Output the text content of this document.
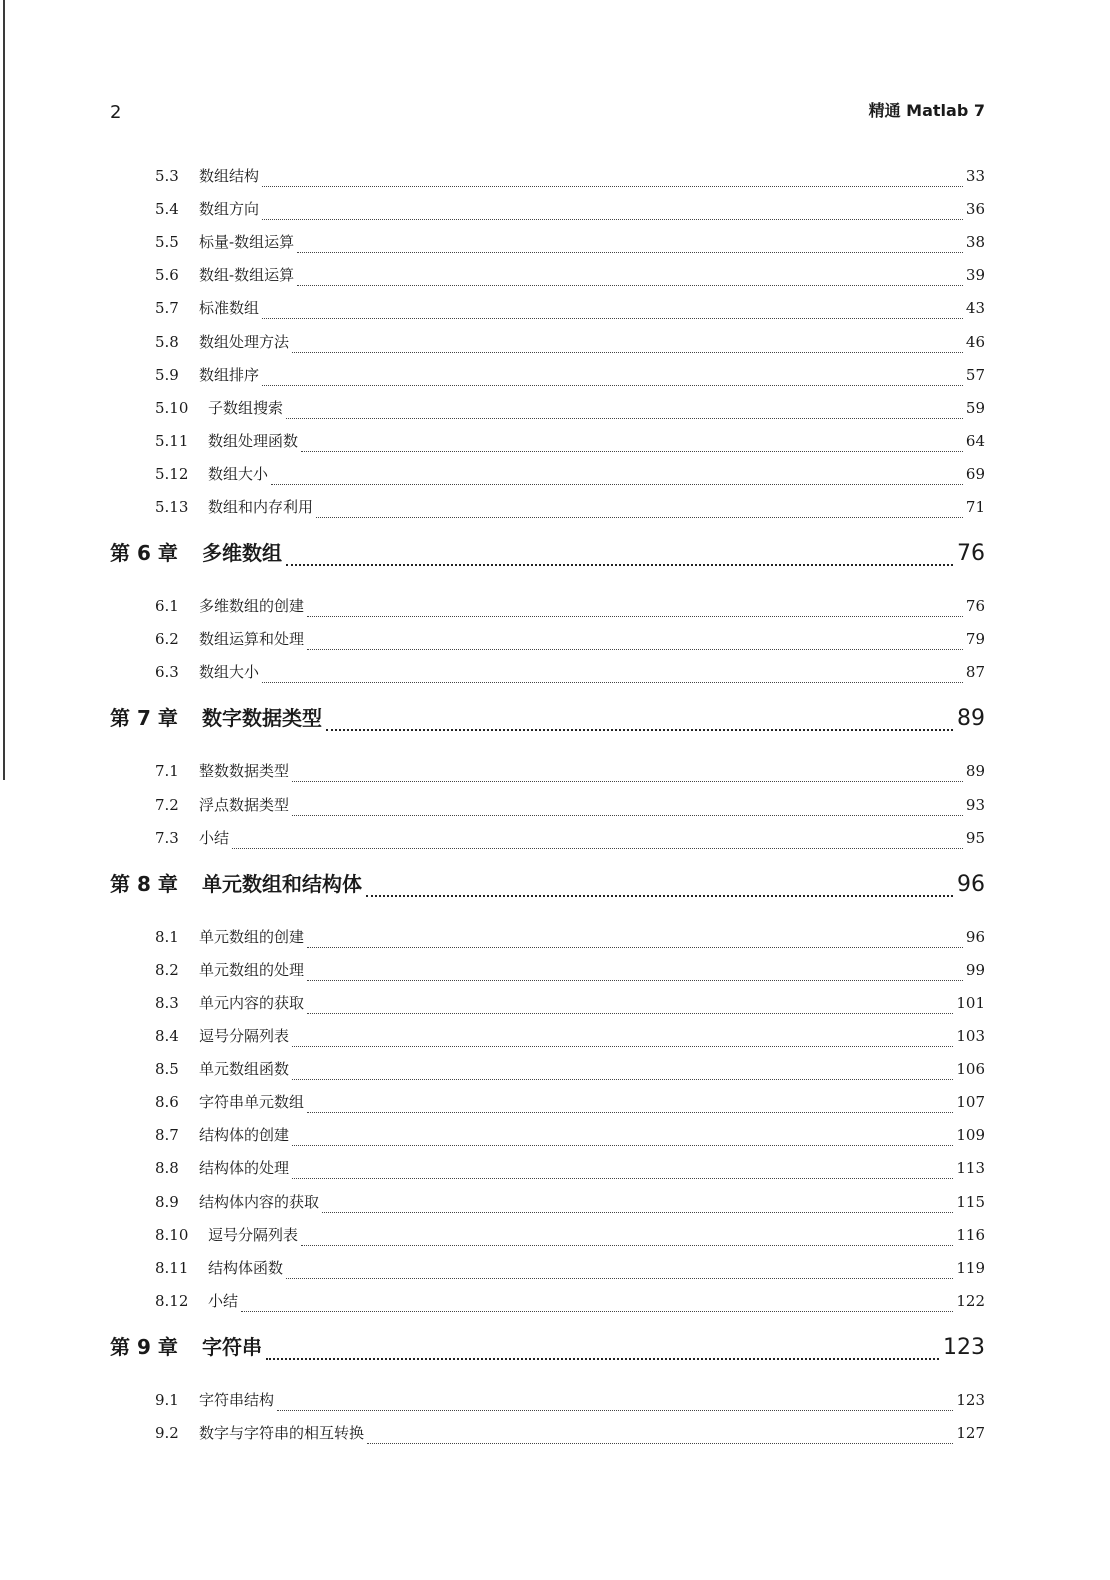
2	精通 Matlab 7
5.3	数组结构	33
5.4	数组方向	36
5.5	标量-数组运算	38
5.6	数组-数组运算	39
5.7	标准数组	43
5.8	数组处理方法	46
5.9	数组排序	57
5.10	子数组搜索	59
5.11	数组处理函数	64
5.12	数组大小	69
5.13	数组和内存利用	71
第 6 章	多维数组	76
6.1	多维数组的创建	76
6.2	数组运算和处理	79
6.3	数组大小	87
第 7 章	数字数据类型	89
7.1	整数数据类型	89
7.2	浮点数据类型	93
7.3	小结	95
第 8 章	单元数组和结构体	96
8.1	单元数组的创建	96
8.2	单元数组的处理	99
8.3	单元内容的获取	101
8.4	逗号分隔列表	103
8.5	单元数组函数	106
8.6	字符串单元数组	107
8.7	结构体的创建	109
8.8	结构体的处理	113
8.9	结构体内容的获取	115
8.10	逗号分隔列表	116
8.11	结构体函数	119
8.12	小结	122
第 9 章	字符串	123
9.1	字符串结构	123
9.2	数字与字符串的相互转换	127
